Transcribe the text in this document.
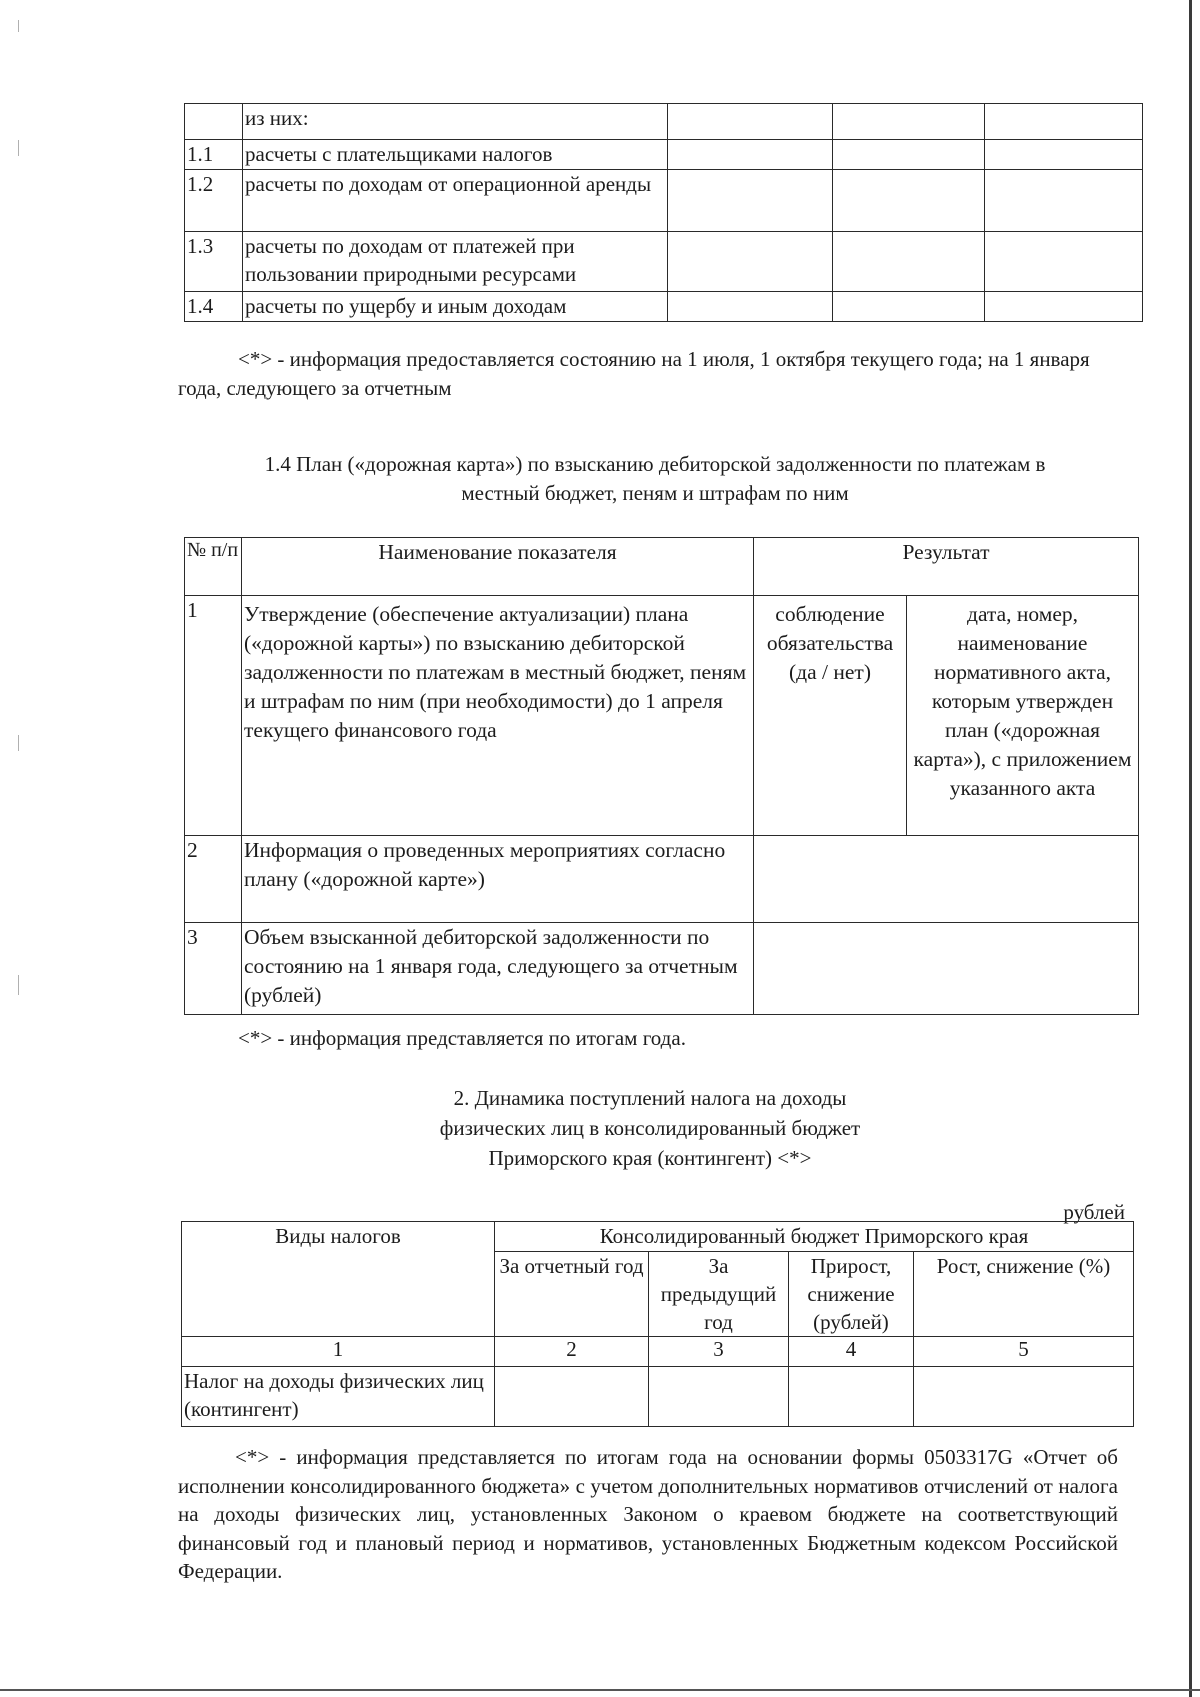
	из них:			
1.1	расчеты с плательщиками налогов			
1.2	расчеты по доходам от операционной аренды			
1.3	расчеты по доходам от платежей при пользовании природными ресурсами			
1.4	расчеты по ущербу и иным доходам			
<*> - информация предоставляется состоянию на 1 июля, 1 октября текущего года; на 1 января года, следующего за отчетным
1.4 План («дорожная карта») по взысканию дебиторской задолженности по платежам в
местный бюджет, пеням и штрафам по ним
№ п/п	Наименование показателя	Результат	
1	Утверждение (обеспечение актуализации) плана («дорожной карты») по взысканию дебиторской задолженности по платежам в местный бюджет, пеням и штрафам по ним (при необходимости) до 1 апреля текущего финансового года	соблюдение обязательства (да / нет)	дата, номер, наименование нормативного акта, которым утвержден план («дорожная карта»), с приложением указанного акта
2	Информация о проведенных мероприятиях согласно плану («дорожной карте»)		
3	Объем взысканной дебиторской задолженности по состоянию на 1 января года, следующего за отчетным (рублей)		
<*> - информация представляется по итогам года.
2. Динамика поступлений налога на доходы
физических лиц в консолидированный бюджет
Приморского края (контингент) <*>
рублей
Виды налогов	Консолидированный бюджет Приморского края			
	За отчетный год	За предыдущий год	Прирост, снижение (рублей)	Рост, снижение (%)
1	2	3	4	5
Налог на доходы физических лиц (контингент)				
<*> - информация представляется по итогам года на основании формы 0503317G «Отчет об исполнении консолидированного бюджета» с учетом дополнительных нормативов отчислений от налога на доходы физических лиц, установленных Законом о краевом бюджете на соответствующий финансовый год и плановый период и нормативов, установленных Бюджетным кодексом Российской Федерации.
